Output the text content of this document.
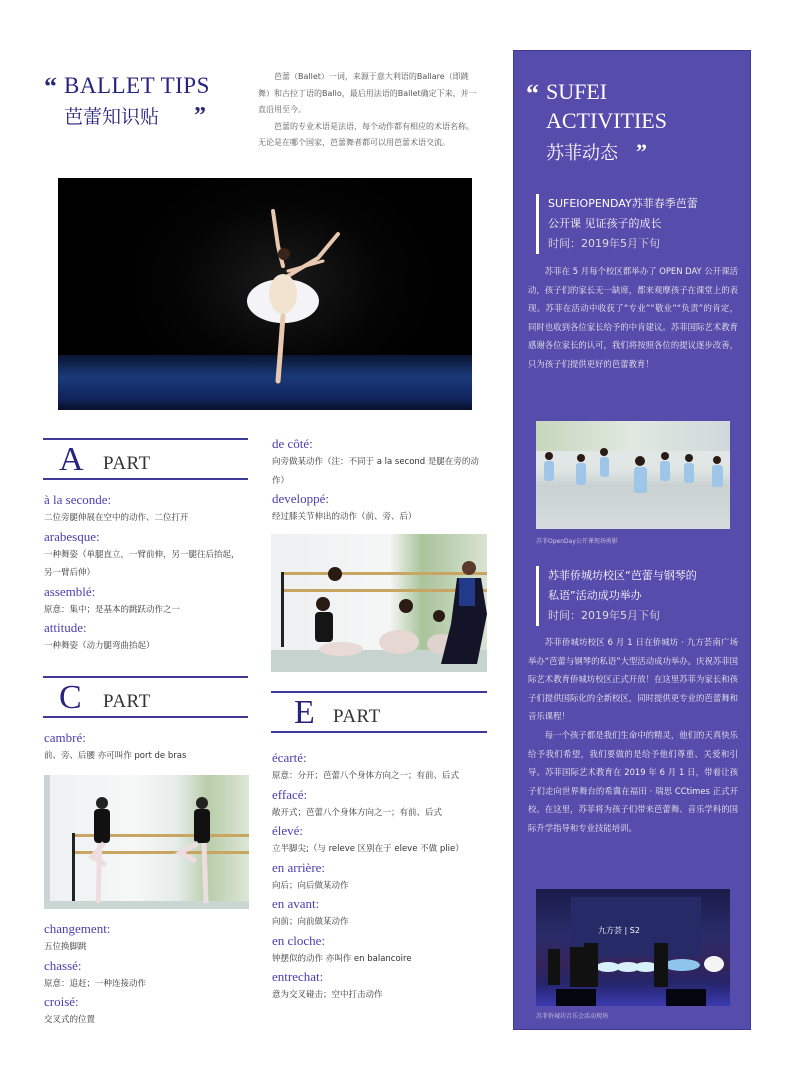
“ BALLET TIPS
芭蕾知识贴 ”

芭蕾（Ballet）一词，来源于意大利语的Ballare（即跳舞）和古拉丁语的Ballo，最后用法语的Ballet确定下来，并一直沿用至今。

芭蕾的专业术语是法语，每个动作都有相应的术语名称。无论是在哪个国家，芭蕾舞者都可以用芭蕾术语交流。

A PART
à la seconde:
二位旁腿伸展在空中的动作、二位打开
arabesque:
一种舞姿（单腿直立，一臂前伸，另一腿往后抬起，另一臂后伸）
assemblé:
原意：集中；是基本的跳跃动作之一
attitude:
一种舞姿（动力腿弯曲抬起）
C PART
cambré:
前、旁、后腰 亦可叫作 port de bras
changement:
五位换脚跳
chassé:
原意：追赶；一种连接动作
croisé:
交叉式的位置
de côté:
向旁做某动作（注：不同于 a la second 是腿在旁的动作）
developpé:
经过膝关节伸出的动作（前、旁、后）
E PART
écarté:
原意：分开；芭蕾八个身体方向之一；有前、后式
effacé:
敞开式；芭蕾八个身体方向之一；有前、后式
élevé:
立半脚尖;（与 releve 区别在于 eleve 不做 plie）
en arrière:
向后；向后做某动作
en avant:
向前；向前做某动作
en cloche:
钟摆似的动作 亦叫作 en balancoire
entrechat:
意为交叉碰击；空中打击动作
“ SUFEI
ACTIVITIES
苏菲动态 ”
SUFEIOPENDAY苏菲春季芭蕾
公开课 见证孩子的成长
时间：2019年5月下旬

苏菲在 5 月每个校区都举办了 OPEN DAY 公开课活动，孩子们的家长无一缺席，都来观摩孩子在课堂上的表现。苏菲在活动中收获了“专业”“敬业”“负责”的肯定，同时也收到各位家长给予的中肯建议。苏菲国际艺术教育感谢各位家长的认可，我们将按照各位的提议逐步改善，只为孩子们提供更好的芭蕾教育！

苏菲OpenDay公开课现场剪影
苏菲侨城坊校区“芭蕾与钢琴的
私语”活动成功举办
时间：2019年5月下旬

苏菲侨城坊校区 6 月 1 日在侨城坊 · 九方荟南广场举办“芭蕾与钢琴的私语”大型活动成功举办。庆祝苏菲国际艺术教育侨城坊校区正式开放！在这里苏菲为家长和孩子们提供国际化的全新校区，同时提供更专业的芭蕾舞和音乐课程！

每一个孩子都是我们生命中的精灵，他们的天真快乐给予我们希望，我们要做的是给予他们尊重、关爱和引导。苏菲国际艺术教育在 2019 年 6 月 1 日，带着让孩子们走向世界舞台的希冀在福田 · 瑞思 CCtimes 正式开校。在这里，苏菲将为孩子们带来芭蕾舞、音乐学科的国际升学指导和专业技能培训。

九方荟 | S2
苏菲侨城坊音乐会活动现场
